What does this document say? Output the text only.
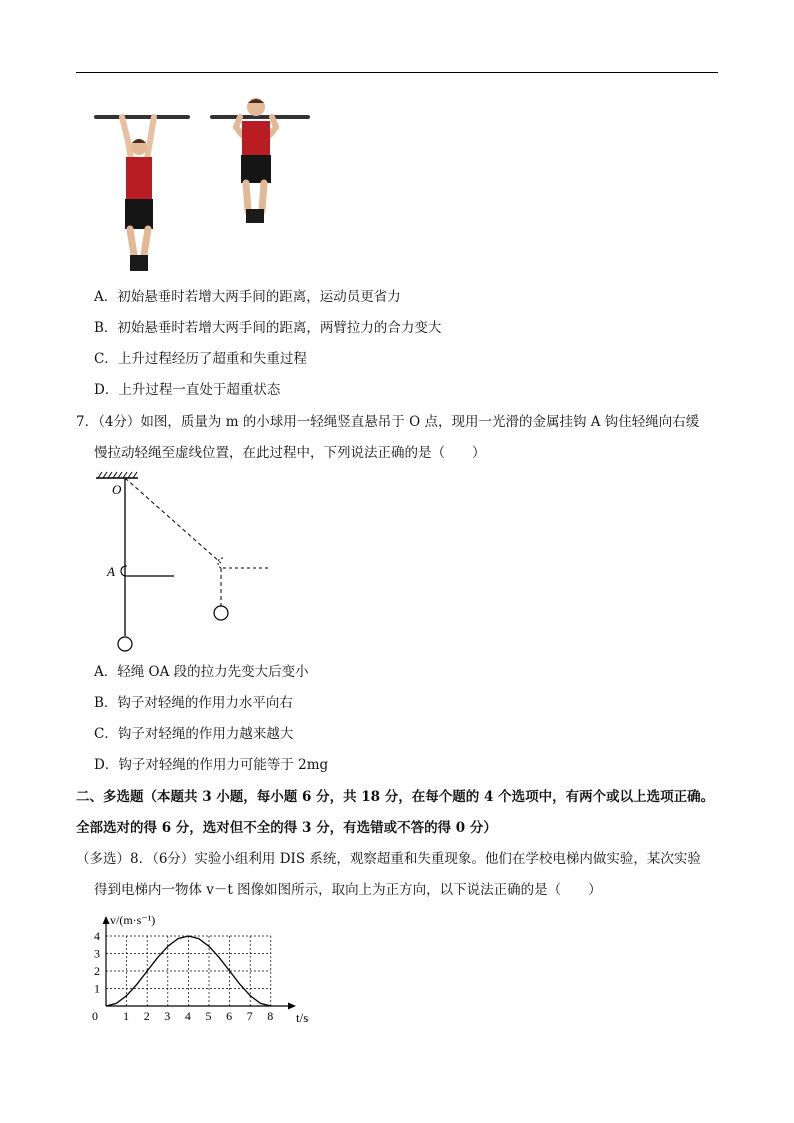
A．初始悬垂时若增大两手间的距离，运动员更省力
B．初始悬垂时若增大两手间的距离，两臂拉力的合力变大
C．上升过程经历了超重和失重过程
D．上升过程一直处于超重状态
7．（4分）如图，质量为 m 的小球用一轻绳竖直悬吊于 O 点，现用一光滑的金属挂钩 A 钩住轻绳向右缓
慢拉动轻绳至虚线位置，在此过程中，下列说法正确的是（　　）
O
A
A．轻绳 OA 段的拉力先变大后变小
B．钩子对轻绳的作用力水平向右
C．钩子对轻绳的作用力越来越大
D．钩子对轻绳的作用力可能等于 2mg
二、多选题（本题共 3 小题，每小题 6 分，共 18 分，在每个题的 4 个选项中，有两个或以上选项正确。
全部选对的得 6 分，选对但不全的得 3 分，有选错或不答的得 0 分）
（多选）8．（6分）实验小组利用 DIS 系统，观察超重和失重现象。他们在学校电梯内做实验，某次实验
得到电梯内一物体 v－t 图像如图所示，取向上为正方向，以下说法正确的是（　　）
v/(m·s⁻¹)
t/s
0 1 2 3 4 5 6 7 8
1
2
3
4
